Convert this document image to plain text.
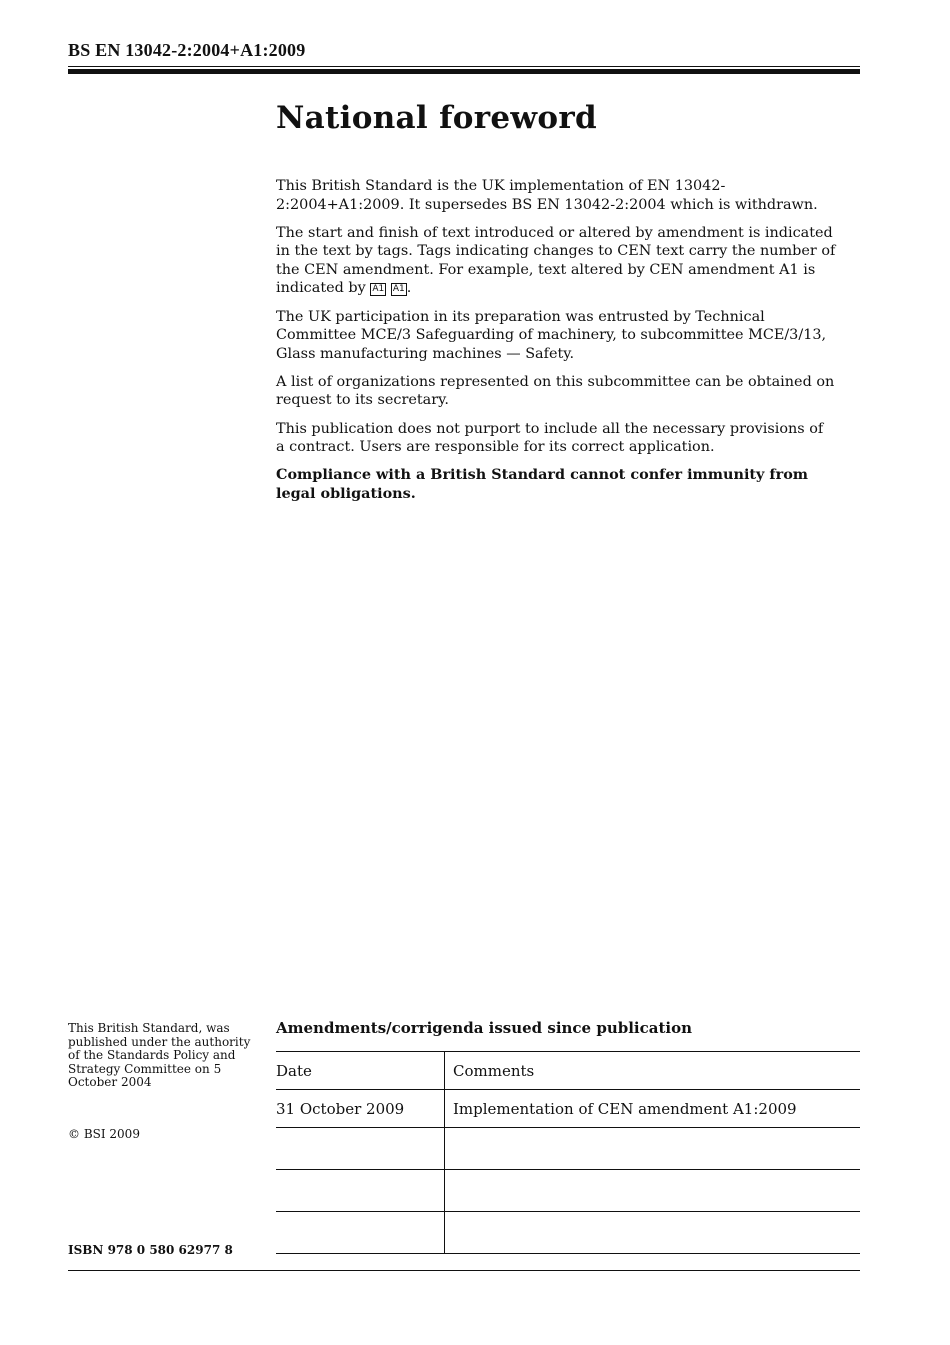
BS EN 13042-2:2004+A1:2009
National foreword

This British Standard is the UK implementation of EN 13042-2:2004+A1:2009. It supersedes BS EN 13042-2:2004 which is withdrawn.

The start and finish of text introduced or altered by amendment is indicated in the text by tags. Tags indicating changes to CEN text carry the number of the CEN amendment. For example, text altered by CEN amendment A1 is indicated by A1 A1 .

The UK participation in its preparation was entrusted by Technical Committee MCE/3 Safeguarding of machinery, to subcommittee MCE/3/13, Glass manufacturing machines — Safety.

A list of organizations represented on this subcommittee can be obtained on request to its secretary.

This publication does not purport to include all the necessary provisions of a contract. Users are responsible for its correct application.

Compliance with a British Standard cannot confer immunity from legal obligations.

This British Standard, was published under the authority of the Standards Policy and Strategy Committee on 5 October 2004
© BSI 2009
ISBN 978 0 580 62977 8
Amendments/corrigenda issued since publication
Date	Comments
31 October 2009	Implementation of CEN amendment A1:2009
